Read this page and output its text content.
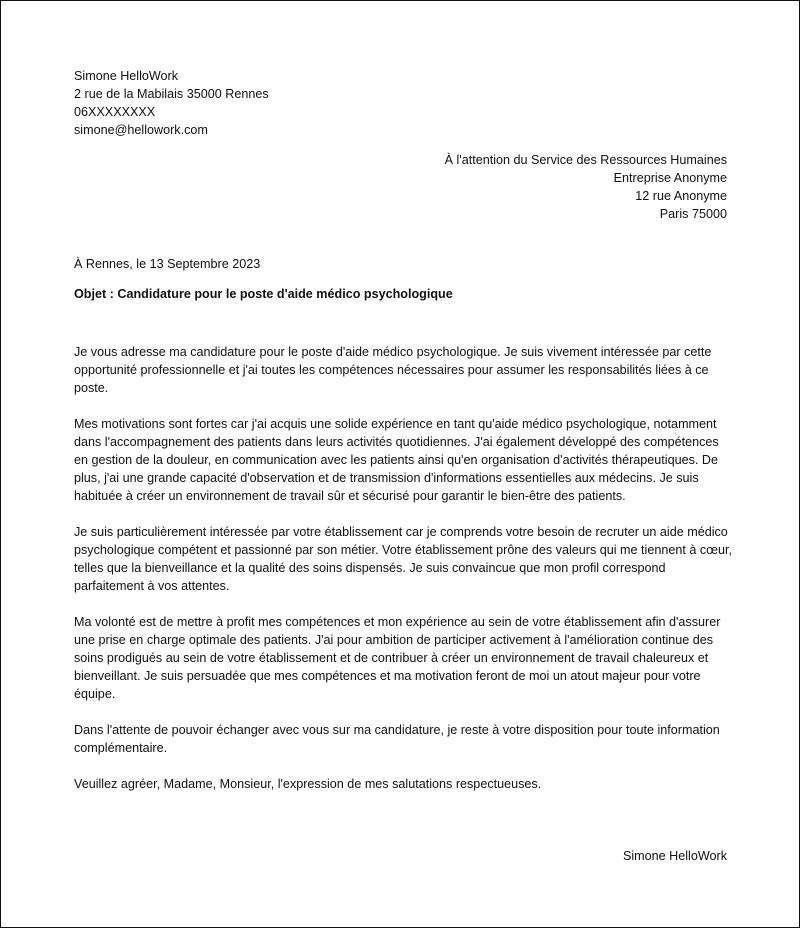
Simone HelloWork
2 rue de la Mabilais 35000 Rennes
06XXXXXXXX
simone@hellowork.com
À l'attention du Service des Ressources Humaines
Entreprise Anonyme
12 rue Anonyme
Paris 75000
À Rennes, le 13 Septembre 2023
Objet : Candidature pour le poste d'aide médico psychologique

Je vous adresse ma candidature pour le poste d'aide médico psychologique. Je suis vivement intéressée par cette opportunité professionnelle et j'ai toutes les compétences nécessaires pour assumer les responsabilités liées à ce poste.

Mes motivations sont fortes car j'ai acquis une solide expérience en tant qu'aide médico psychologique, notamment dans l'accompagnement des patients dans leurs activités quotidiennes. J'ai également développé des compétences en gestion de la douleur, en communication avec les patients ainsi qu'en organisation d'activités thérapeutiques. De plus, j'ai une grande capacité d'observation et de transmission d'informations essentielles aux médecins. Je suis habituée à créer un environnement de travail sûr et sécurisé pour garantir le bien-être des patients.

Je suis particulièrement intéressée par votre établissement car je comprends votre besoin de recruter un aide médico psychologique compétent et passionné par son métier. Votre établissement prône des valeurs qui me tiennent à cœur, telles que la bienveillance et la qualité des soins dispensés. Je suis convaincue que mon profil correspond parfaitement à vos attentes.

Ma volonté est de mettre à profit mes compétences et mon expérience au sein de votre établissement afin d'assurer une prise en charge optimale des patients. J'ai pour ambition de participer activement à l'amélioration continue des soins prodigués au sein de votre établissement et de contribuer à créer un environnement de travail chaleureux et bienveillant. Je suis persuadée que mes compétences et ma motivation feront de moi un atout majeur pour votre équipe.

Dans l'attente de pouvoir échanger avec vous sur ma candidature, je reste à votre disposition pour toute information complémentaire.

Veuillez agréer, Madame, Monsieur, l'expression de mes salutations respectueuses.

Simone HelloWork
